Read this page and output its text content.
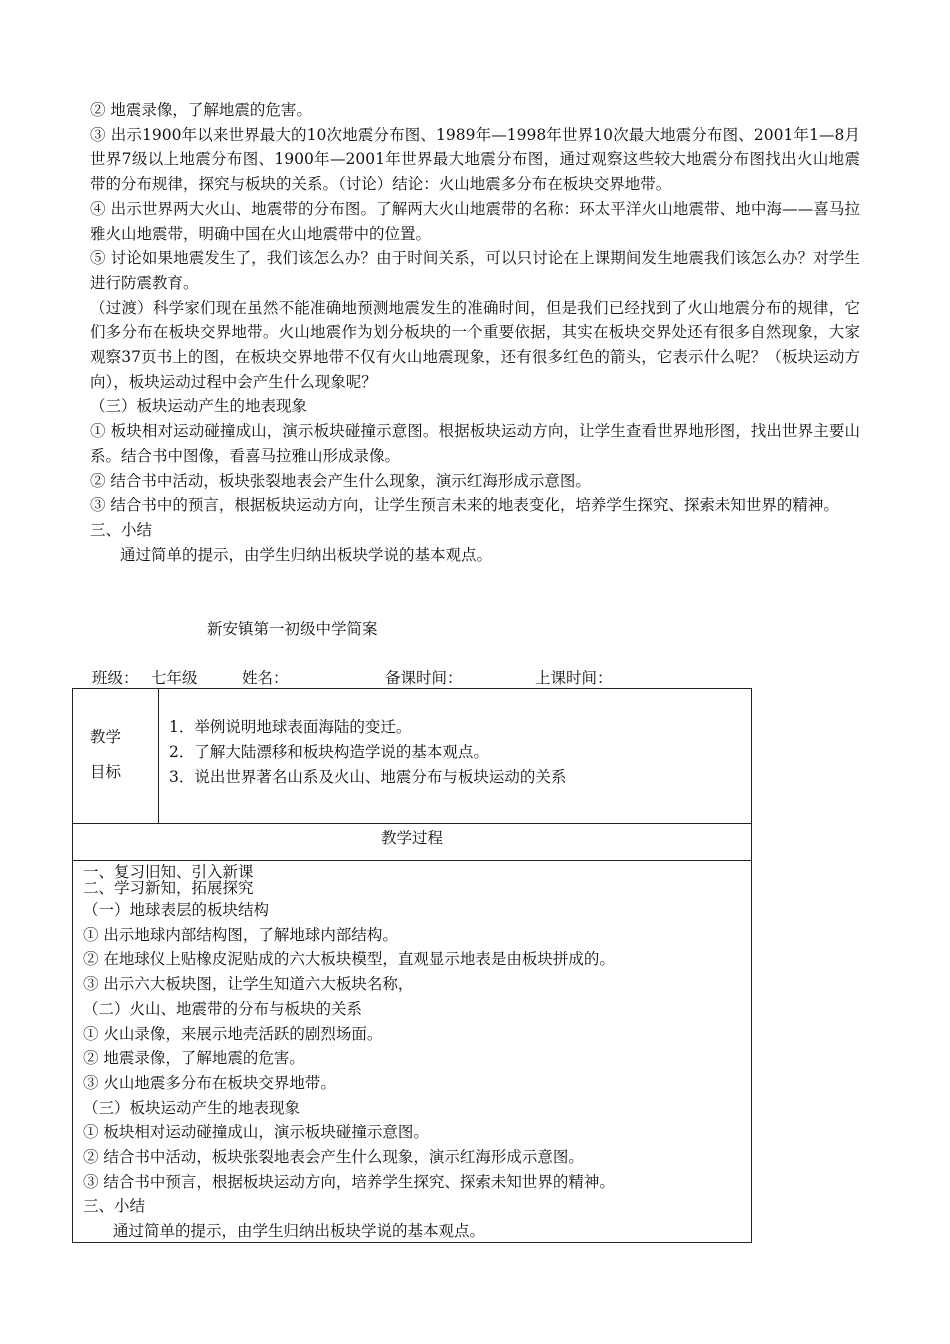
② 地震录像，了解地震的危害。

③ 出示1900年以来世界最大的10次地震分布图、1989年—1998年世界10次最大地震分布图、2001年1—8月世界7级以上地震分布图、1900年—2001年世界最大地震分布图，通过观察这些较大地震分布图找出火山地震带的分布规律，探究与板块的关系。（讨论）结论：火山地震多分布在板块交界地带。

④ 出示世界两大火山、地震带的分布图。了解两大火山地震带的名称：环太平洋火山地震带、地中海——喜马拉雅火山地震带，明确中国在火山地震带中的位置。

⑤ 讨论如果地震发生了，我们该怎么办？由于时间关系，可以只讨论在上课期间发生地震我们该怎么办？对学生进行防震教育。

（过渡）科学家们现在虽然不能准确地预测地震发生的准确时间，但是我们已经找到了火山地震分布的规律，它们多分布在板块交界地带。火山地震作为划分板块的一个重要依据，其实在板块交界处还有很多自然现象，大家观察37页书上的图，在板块交界地带不仅有火山地震现象，还有很多红色的箭头，它表示什么呢？（板块运动方向），板块运动过程中会产生什么现象呢？

（三）板块运动产生的地表现象

① 板块相对运动碰撞成山，演示板块碰撞示意图。根据板块运动方向，让学生查看世界地形图，找出世界主要山系。结合书中图像，看喜马拉雅山形成录像。

② 结合书中活动，板块张裂地表会产生什么现象，演示红海形成示意图。

③ 结合书中的预言，根据板块运动方向，让学生预言未来的地表变化，培养学生探究、探索未知世界的精神。

三、小结

通过简单的提示，由学生归纳出板块学说的基本观点。

新安镇第一初级中学简案
班级： 七年级	姓名：	备课时间：	上课时间：
教学
目标

1．举例说明地球表面海陆的变迁。

2．了解大陆漂移和板块构造学说的基本观点。

3．说出世界著名山系及火山、地震分布与板块运动的关系

教学过程

一、复习旧知、引入新课

二、学习新知，拓展探究

（一）地球表层的板块结构

① 出示地球内部结构图，了解地球内部结构。

② 在地球仪上贴橡皮泥贴成的六大板块模型，直观显示地表是由板块拼成的。

③ 出示六大板块图，让学生知道六大板块名称，

（二）火山、地震带的分布与板块的关系

① 火山录像，来展示地壳活跃的剧烈场面。

② 地震录像，了解地震的危害。

③ 火山地震多分布在板块交界地带。

（三）板块运动产生的地表现象

① 板块相对运动碰撞成山，演示板块碰撞示意图。

② 结合书中活动，板块张裂地表会产生什么现象，演示红海形成示意图。

③ 结合书中预言，根据板块运动方向，培养学生探究、探索未知世界的精神。

三、小结

通过简单的提示，由学生归纳出板块学说的基本观点。
